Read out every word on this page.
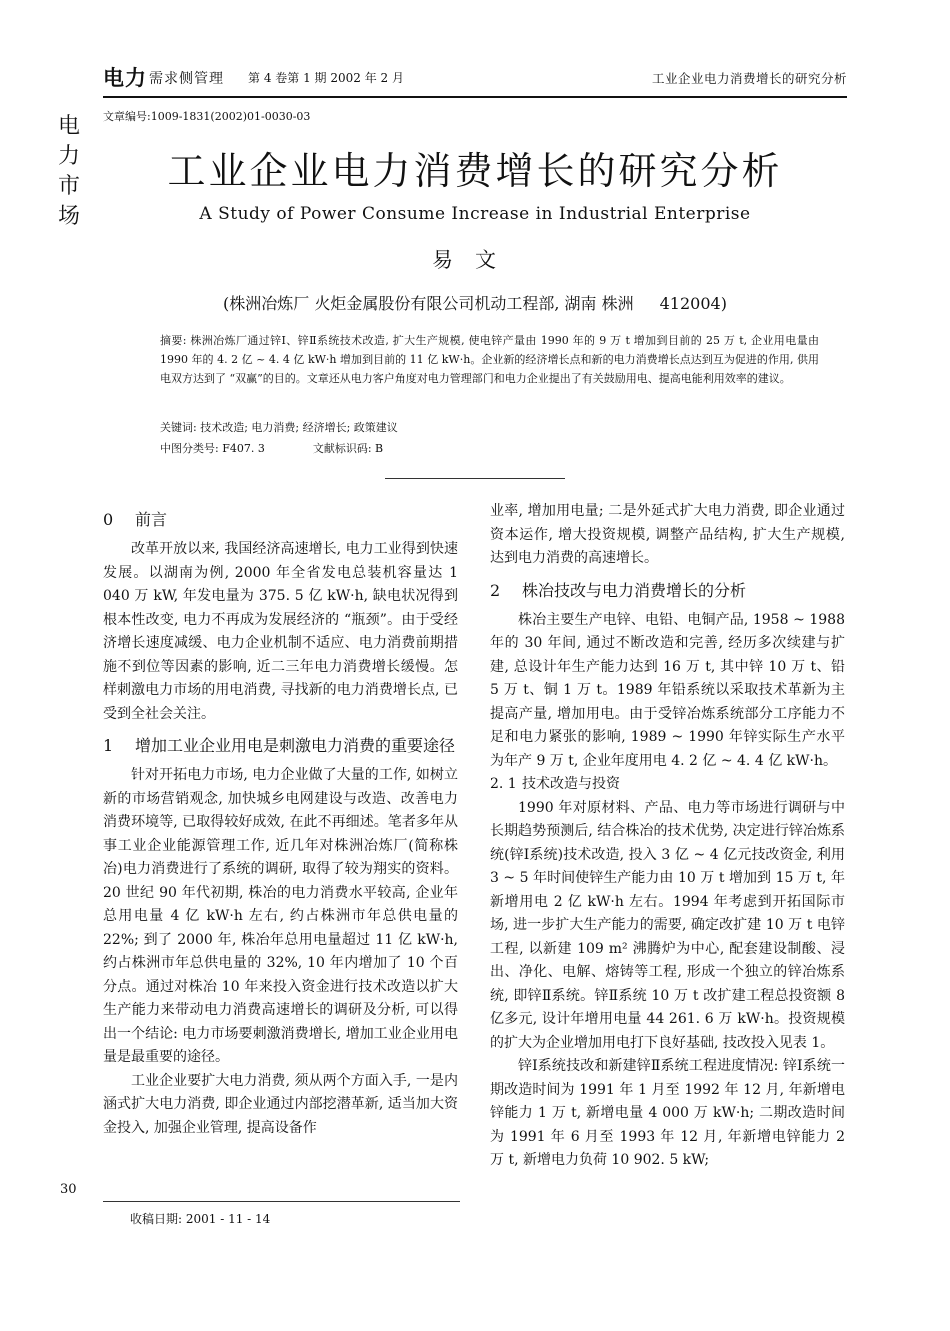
电力 需求侧管理 第 4 卷第 1 期 2002 年 2 月	工业企业电力消费增长的研究分析
电
力
市
场
文章编号:1009-1831(2002)01-0030-03
工业企业电力消费增长的研究分析
A Study of Power Consume Increase in Industrial Enterprise
易文
(株洲冶炼厂 火炬金属股份有限公司机动工程部, 湖南 株洲 412004)
摘要: 株洲冶炼厂通过锌Ⅰ、锌Ⅱ系统技术改造, 扩大生产规模, 使电锌产量由 1990 年的 9 万 t 增加到目前的 25 万 t, 企业用电量由 1990 年的 4. 2 亿 ~ 4. 4 亿 kW·h 增加到目前的 11 亿 kW·h。企业新的经济增长点和新的电力消费增长点达到互为促进的作用, 供用电双方达到了 “双赢”的目的。文章还从电力客户角度对电力管理部门和电力企业提出了有关鼓励用电、提高电能利用效率的建议。
关键词: 技术改造; 电力消费; 经济增长; 政策建议
中图分类号: F407. 3	文献标识码: B
0 前言

改革开放以来, 我国经济高速增长, 电力工业得到快速发展。以湖南为例, 2000 年全省发电总装机容量达 1 040 万 kW, 年发电量为 375. 5 亿 kW·h, 缺电状况得到根本性改变, 电力不再成为发展经济的 “瓶颈”。由于受经济增长速度减缓、电力企业机制不适应、电力消费前期措施不到位等因素的影响, 近二三年电力消费增长缓慢。怎样刺激电力市场的用电消费, 寻找新的电力消费增长点, 已受到全社会关注。

1 增加工业企业用电是刺激电力消费的重要途径

针对开拓电力市场, 电力企业做了大量的工作, 如树立新的市场营销观念, 加快城乡电网建设与改造、改善电力消费环境等, 已取得较好成效, 在此不再细述。笔者多年从事工业企业能源管理工作, 近几年对株洲冶炼厂(简称株冶)电力消费进行了系统的调研, 取得了较为翔实的资料。20 世纪 90 年代初期, 株冶的电力消费水平较高, 企业年总用电量 4 亿 kW·h 左右, 约占株洲市年总供电量的 22%; 到了 2000 年, 株冶年总用电量超过 11 亿 kW·h, 约占株洲市年总供电量的 32%, 10 年内增加了 10 个百分点。通过对株冶 10 年来投入资金进行技术改造以扩大生产能力来带动电力消费高速增长的调研及分析, 可以得出一个结论: 电力市场要刺激消费增长, 增加工业企业用电量是最重要的途径。

工业企业要扩大电力消费, 须从两个方面入手, 一是内涵式扩大电力消费, 即企业通过内部挖潜革新, 适当加大资金投入, 加强企业管理, 提高设备作

业率, 增加用电量; 二是外延式扩大电力消费, 即企业通过资本运作, 增大投资规模, 调整产品结构, 扩大生产规模, 达到电力消费的高速增长。

2 株冶技改与电力消费增长的分析

株冶主要生产电锌、电铅、电铜产品, 1958 ~ 1988 年的 30 年间, 通过不断改造和完善, 经历多次续建与扩建, 总设计年生产能力达到 16 万 t, 其中锌 10 万 t、铅 5 万 t、铜 1 万 t。1989 年铅系统以采取技术革新为主提高产量, 增加用电。由于受锌冶炼系统部分工序能力不足和电力紧张的影响, 1989 ~ 1990 年锌实际生产水平为年产 9 万 t, 企业年度用电 4. 2 亿 ~ 4. 4 亿 kW·h。

2. 1 技术改造与投资

1990 年对原材料、产品、电力等市场进行调研与中长期趋势预测后, 结合株冶的技术优势, 决定进行锌冶炼系统(锌Ⅰ系统)技术改造, 投入 3 亿 ~ 4 亿元技改资金, 利用 3 ~ 5 年时间使锌生产能力由 10 万 t 增加到 15 万 t, 年新增用电 2 亿 kW·h 左右。1994 年考虑到开拓国际市场, 进一步扩大生产能力的需要, 确定改扩建 10 万 t 电锌工程, 以新建 109 m² 沸腾炉为中心, 配套建设制酸、浸出、净化、电解、熔铸等工程, 形成一个独立的锌冶炼系统, 即锌Ⅱ系统。锌Ⅱ系统 10 万 t 改扩建工程总投资额 8 亿多元, 设计年增用电量 44 261. 6 万 kW·h。投资规模的扩大为企业增加用电打下良好基础, 技改投入见表 1。

锌Ⅰ系统技改和新建锌Ⅱ系统工程进度情况: 锌Ⅰ系统一期改造时间为 1991 年 1 月至 1992 年 12 月, 年新增电锌能力 1 万 t, 新增电量 4 000 万 kW·h; 二期改造时间为 1991 年 6 月至 1993 年 12 月, 年新增电锌能力 2 万 t, 新增电力负荷 10 902. 5 kW;

收稿日期: 2001 - 11 - 14
30
